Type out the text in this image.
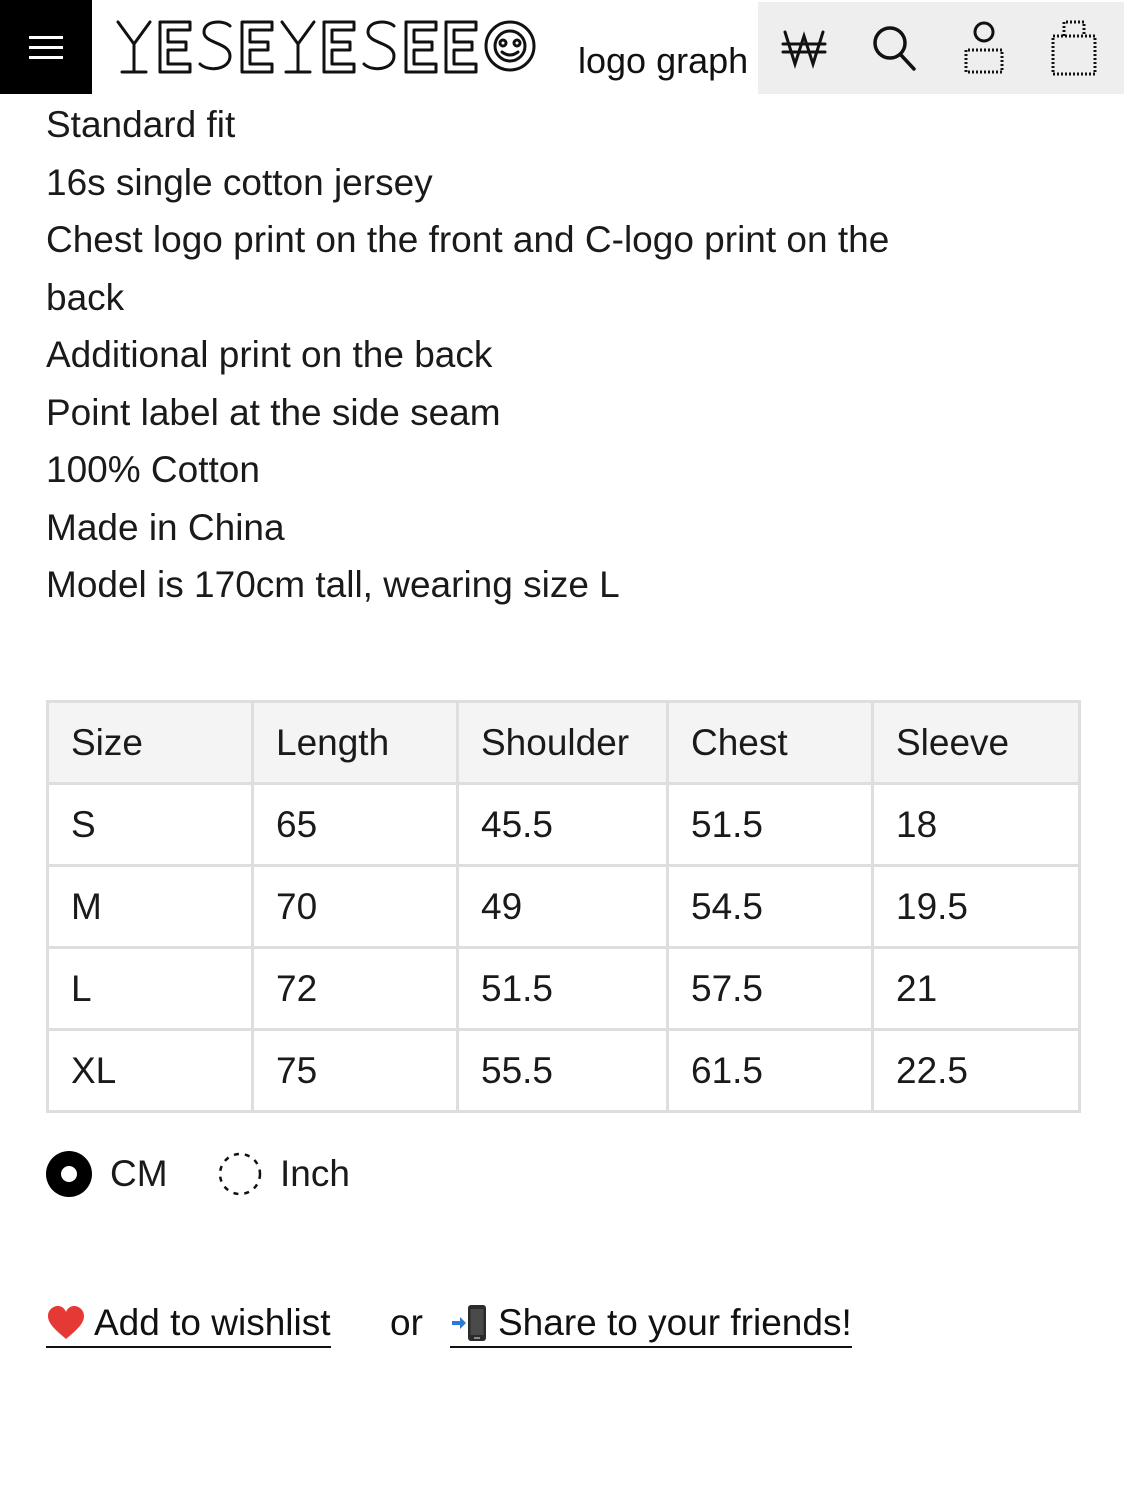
logo graph

Standard fit

16s single cotton jersey

Chest logo print on the front and C-logo print on the

back

Additional print on the back

Point label at the side seam

100% Cotton

Made in China

Model is 170cm tall, wearing size L

Size	Length	Shoulder	Chest	Sleeve
S	65	45.5	51.5	18
M	70	49	54.5	19.5
L	72	51.5	57.5	21
XL	75	55.5	61.5	22.5
CM	Inch
Add to wishlist or Share to your friends!
